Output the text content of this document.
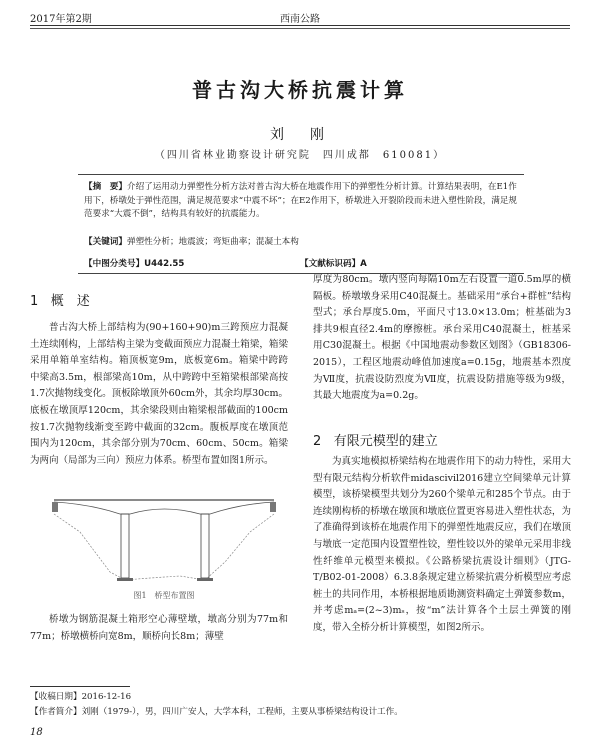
2017年第2期	西南公路
普古沟大桥抗震计算
刘　刚
（四川省林业勘察设计研究院　四川成都　610081）
【摘　要】介绍了运用动力弹塑性分析方法对普古沟大桥在地震作用下的弹塑性分析计算。计算结果表明，在E1作用下，桥墩处于弹性范围，满足规范要求“中震不坏”；在E2作用下，桥墩进入开裂阶段而未进入塑性阶段，满足规范要求“大震不倒”，结构具有较好的抗震能力。
【关键词】弹塑性分析；地震波；弯矩曲率；混凝土本构
【中图分类号】U442.55	【文献标识码】A
1 概　述
普古沟大桥上部结构为(90+160+90)m三跨预应力混凝土连续刚构，上部结构主梁为变截面预应力混凝土箱梁，箱梁采用单箱单室结构。箱顶板宽9m，底板宽6m。箱梁中跨跨中梁高3.5m，根部梁高10m，从中跨跨中至箱梁根部梁高按1.7次抛物线变化。顶板除墩顶外60cm外，其余均厚30cm。底板在墩顶厚120cm，其余梁段则由箱梁根部截面的100cm按1.7次抛物线渐变至跨中截面的32cm。腹板厚度在墩顶范围内为120cm，其余部分别为70cm、60cm、50cm。箱梁为两向（局部为三向）预应力体系。桥型布置如图1所示。
图1　桥型布置图
桥墩为钢筋混凝土箱形空心薄壁墩，墩高分别为77m和77m；桥墩横桥向宽8m，顺桥向长8m；薄壁
厚度为80cm。墩内竖向每隔10m左右设置一道0.5m厚的横隔板。桥墩墩身采用C40混凝土。基础采用“承台+群桩”结构型式；承台厚度5.0m，平面尺寸13.0×13.0m；桩基础为3排共9根直径2.4m的摩擦桩。承台采用C40混凝土，桩基采用C30混凝土。根据《中国地震动参数区划图》（GB18306-2015），工程区地震动峰值加速度a=0.15g，地震基本烈度为Ⅶ度，抗震设防烈度为Ⅶ度，抗震设防措施等级为9级，其最大地震度为a=0.2g。
2 有限元模型的建立
为真实地模拟桥梁结构在地震作用下的动力特性，采用大型有限元结构分析软件midascivil2016建立空间梁单元计算模型，该桥梁模型共划分为260个梁单元和285个节点。由于连续刚构桥的桥墩在墩顶和墩底位置更容易进入塑性状态，为了准确得到该桥在地震作用下的弹塑性地震反应，我们在墩顶与墩底一定范围内设置塑性铰，塑性铰以外的梁单元采用非线性纤维单元模型来模拟。《公路桥梁抗震设计细则》（JTG-T/B02-01-2008）6.3.8条规定建立桥梁抗震分析模型应考虑桩土的共同作用，本桥根据地质勘测资料确定土弹簧参数m，并考虑mₐ=(2~3)mₛ，按“m”法计算各个土层土弹簧的刚度，带入全桥分析计算模型，如图2所示。
【收稿日期】2016-12-16
【作者简介】刘刚（1979-），男，四川广安人，大学本科，工程师，主要从事桥梁结构设计工作。
18
